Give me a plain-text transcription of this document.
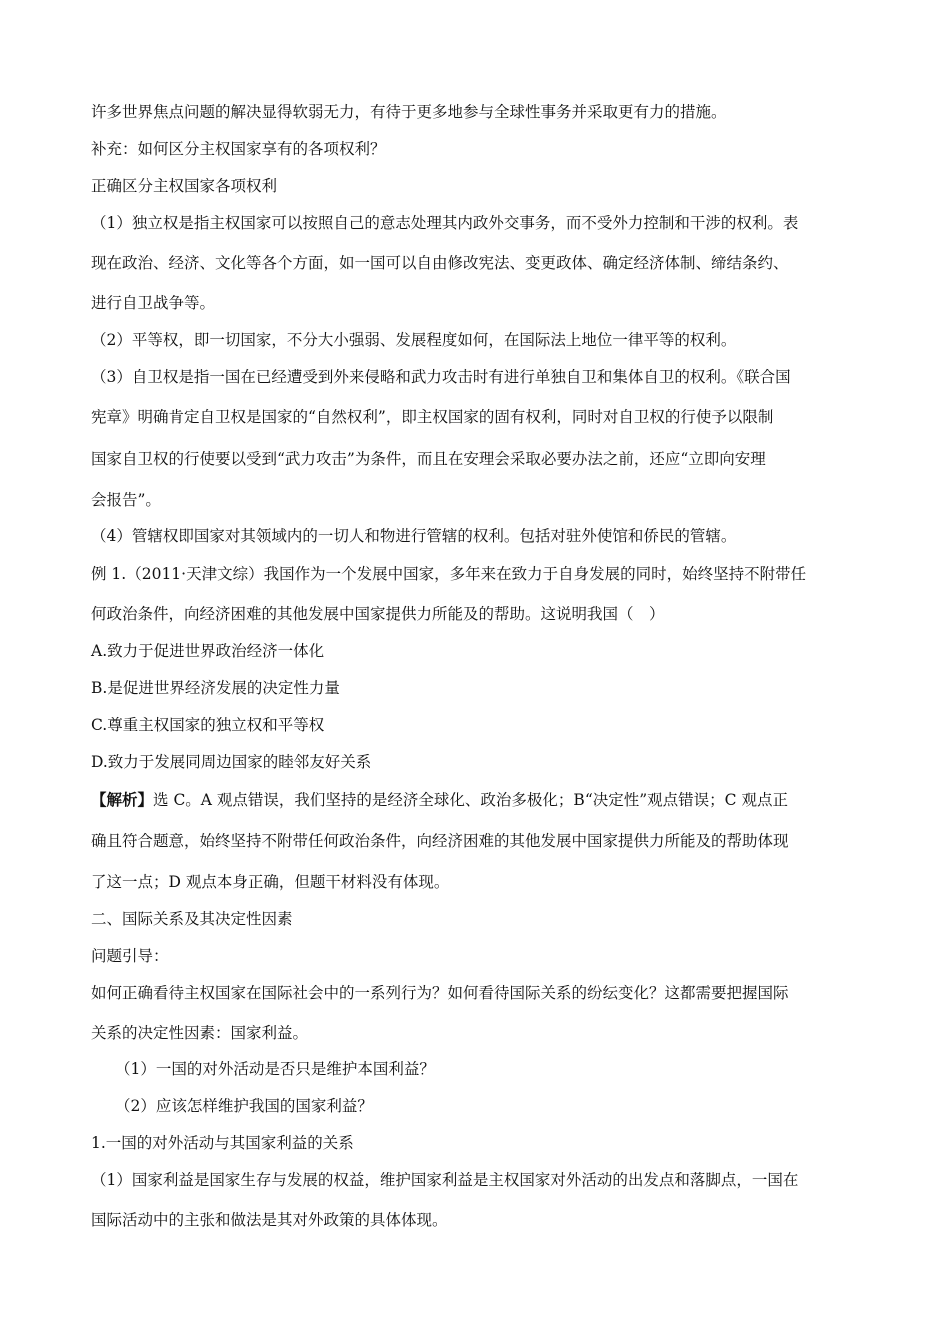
许多世界焦点问题的解决显得软弱无力，有待于更多地参与全球性事务并采取更有力的措施。
补充：如何区分主权国家享有的各项权利？
正确区分主权国家各项权利
（1）独立权是指主权国家可以按照自己的意志处理其内政外交事务，而不受外力控制和干涉的权利。表
现在政治、经济、文化等各个方面，如一国可以自由修改宪法、变更政体、确定经济体制、缔结条约、
进行自卫战争等。
（2）平等权，即一切国家，不分大小强弱、发展程度如何，在国际法上地位一律平等的权利。
（3）自卫权是指一国在已经遭受到外来侵略和武力攻击时有进行单独自卫和集体自卫的权利。《联合国
宪章》明确肯定自卫权是国家的“自然权利”，即主权国家的固有权利，同时对自卫权的行使予以限制
国家自卫权的行使要以受到“武力攻击”为条件，而且在安理会采取必要办法之前，还应“立即向安理
会报告”。
（4）管辖权即国家对其领域内的一切人和物进行管辖的权利。包括对驻外使馆和侨民的管辖。
例 1.（2011·天津文综）我国作为一个发展中国家，多年来在致力于自身发展的同时，始终坚持不附带任
何政治条件，向经济困难的其他发展中国家提供力所能及的帮助。这说明我国（　）
A.致力于促进世界政治经济一体化
B.是促进世界经济发展的决定性力量
C.尊重主权国家的独立权和平等权
D.致力于发展同周边国家的睦邻友好关系
【解析】选 C。A 观点错误，我们坚持的是经济全球化、政治多极化；B“决定性”观点错误；C 观点正
确且符合题意，始终坚持不附带任何政治条件，向经济困难的其他发展中国家提供力所能及的帮助体现
了这一点；D 观点本身正确，但题干材料没有体现。
二、国际关系及其决定性因素
问题引导：
如何正确看待主权国家在国际社会中的一系列行为？如何看待国际关系的纷纭变化？这都需要把握国际
关系的决定性因素：国家利益。
（1）一国的对外活动是否只是维护本国利益？
（2）应该怎样维护我国的国家利益？
1.一国的对外活动与其国家利益的关系
（1）国家利益是国家生存与发展的权益，维护国家利益是主权国家对外活动的出发点和落脚点，一国在
国际活动中的主张和做法是其对外政策的具体体现。
